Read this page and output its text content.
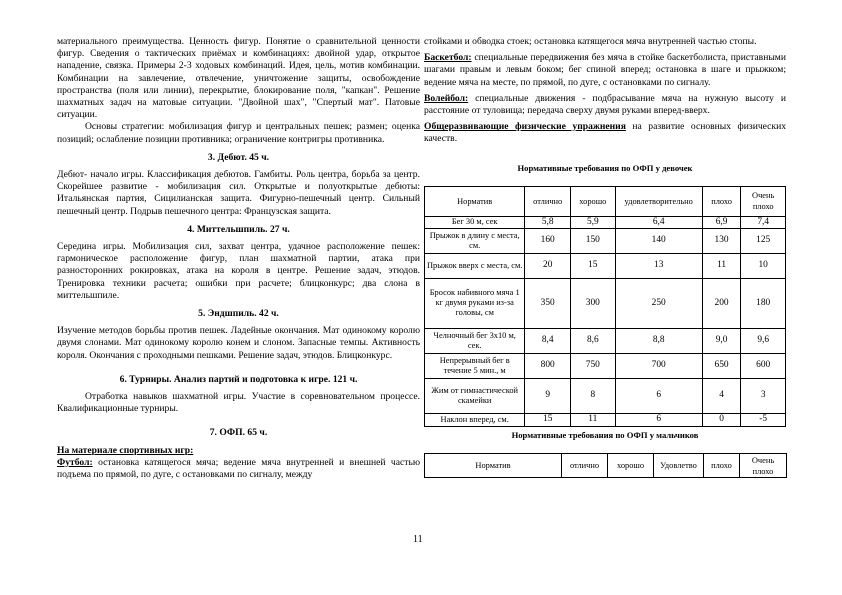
материального преимущества. Ценность фигур. Понятие о сравнительной ценности фигур. Сведения о тактических приёмах и комбинациях: двойной удар, открытое нападение, связка. Примеры 2-3 ходовых комбинаций. Идея, цель, мотив комбинации. Комбинации на завлечение, отвлечение, уничтожение защиты, освобождение пространства (поля или линии), перекрытие, блокирование поля, "капкан". Решение шахматных задач на матовые ситуации. "Двойной шах", "Спертый мат". Патовые ситуации.

Основы стратегии: мобилизация фигур и центральных пешек; размен; оценка позиций; ослабление позиции противника; ограничение контригры противника.

3. Дебют. 45 ч.

Дебют- начало игры. Классификация дебютов. Гамбиты. Роль центра, борьба за центр. Скорейшее развитие - мобилизация сил. Открытые и полуоткрытые дебюты: Итальянская партия, Сицилианская защита. Фигурно-пешечный центр. Сильный пешечный центр. Подрыв пешечного центра: Французская защита.

4. Миттельшпиль. 27 ч.

Середина игры. Мобилизация сил, захват центра, удачное расположение пешек: гармоническое расположение фигур, план шахматной партии, атака при разносторонних рокировках, атака на короля в центре. Решение задач, этюдов. Тренировка техники расчета; ошибки при расчете; блицконкурс; два слона в миттельшпиле.

5. Эндшпиль. 42 ч.

Изучение методов борьбы против пешек. Ладейные окончания. Мат одинокому королю двумя слонами. Мат одинокому королю конем и слоном. Запасные темпы. Активность короля. Окончания с проходными пешками. Решение задач, этюдов. Блицконкурс.

6. Турниры. Анализ партий и подготовка к игре. 121 ч.

Отработка навыков шахматной игры. Участие в соревновательном процессе. Квалификационные турниры.

7. ОФП. 65 ч.

На материале спортивных игр:

Футбол: остановка катящегося мяча; ведение мяча внутренней и внешней частью подъема по прямой, по дуге, с остановками по сигналу, между

стойками и обводка стоек; остановка катящегося мяча внутренней частью стопы.

Баскетбол: специальные передвижения без мяча в стойке баскетболиста, приставными шагами правым и левым боком; бег спиной вперед; остановка в шаге и прыжком; ведение мяча на месте, по прямой, по дуге, с остановками по сигналу.

Волейбол: специальные движения - подбрасывание мяча на нужную высоту и расстояние от туловища; передача сверху двумя руками вперед-вверх.

Общеразвивающие физические упражнения на развитие основных физических качеств.

Нормативные требования по ОФП у девочек

Норматив	отлично	хорошо	удовлетворительно	плохо	Очень плохо
Бег 30 м, сек	5,8	5,9	6,4	6,9	7,4
Прыжок в длину с места, см.	160	150	140	130	125
Прыжок вверх с места, см.	20	15	13	11	10
Бросок набивного мяча 1 кг двумя руками из-за головы, см	350	300	250	200	180
Челночный бег 3х10 м, сек.	8,4	8,6	8,8	9,0	9,6
Непрерывный бег в течение 5 мин., м	800	750	700	650	600
Жим от гимнастической скамейки	9	8	6	4	3
Наклон вперед, см.	15	11	6	0	-5

Нормативные требования по ОФП у мальчиков

Норматив	отлично	хорошо	Удовлетво	плохо	Очень плохо
11
